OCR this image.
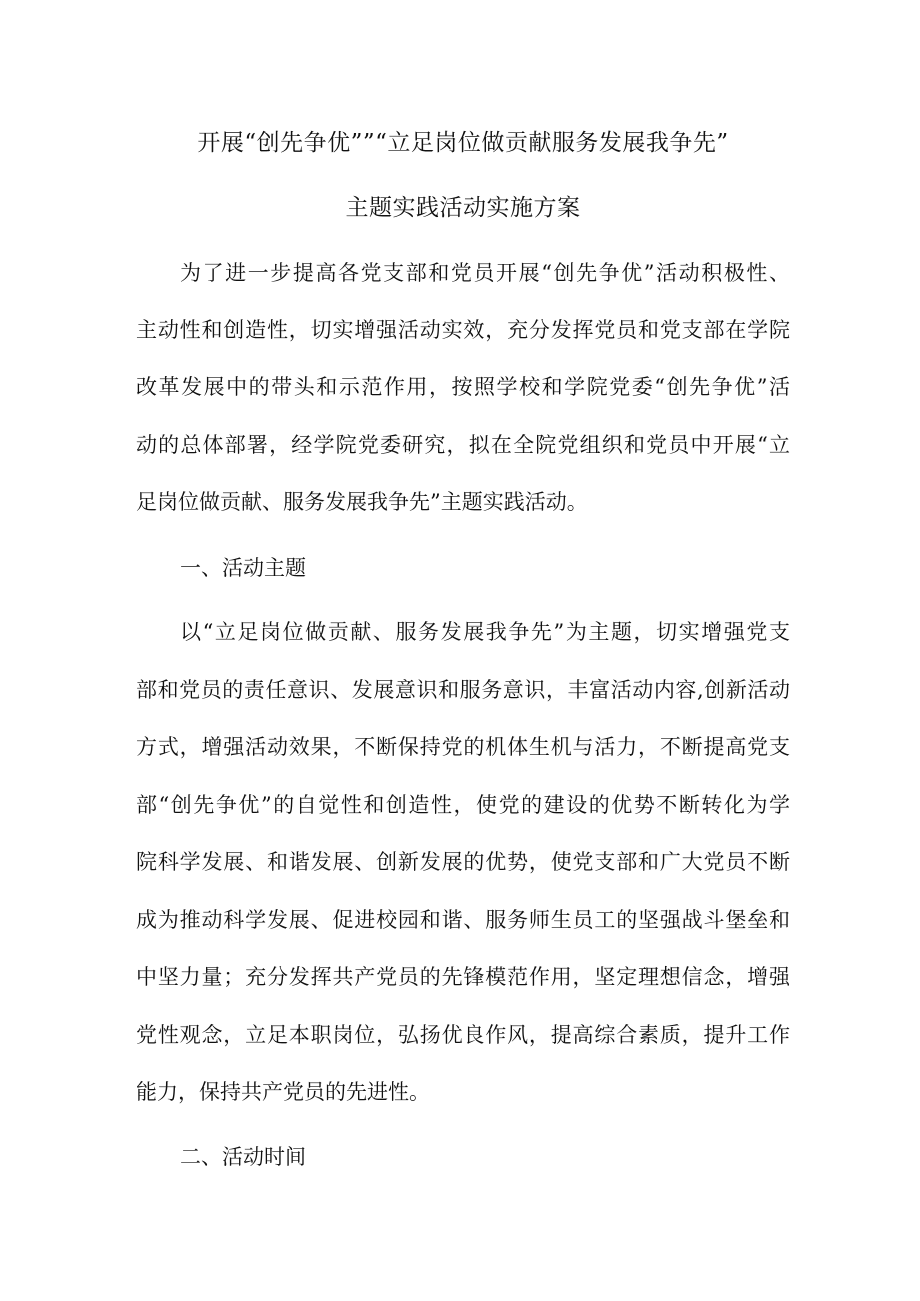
开展“创先争优””“立足岗位做贡献服务发展我争先”
主题实践活动实施方案
为了进一步提高各党支部和党员开展“创先争优”活动积极性、
主动性和创造性，切实增强活动实效，充分发挥党员和党支部在学院
改革发展中的带头和示范作用，按照学校和学院党委“创先争优”活
动的总体部署，经学院党委研究，拟在全院党组织和党员中开展“立
足岗位做贡献、服务发展我争先”主题实践活动。
一、活动主题
以“立足岗位做贡献、服务发展我争先”为主题，切实增强党支
部和党员的责任意识、发展意识和服务意识，丰富活动内容,创新活动
方式，增强活动效果，不断保持党的机体生机与活力，不断提高党支
部“创先争优”的自觉性和创造性，使党的建设的优势不断转化为学
院科学发展、和谐发展、创新发展的优势，使党支部和广大党员不断
成为推动科学发展、促进校园和谐、服务师生员工的坚强战斗堡垒和
中坚力量；充分发挥共产党员的先锋模范作用，坚定理想信念，增强
党性观念，立足本职岗位，弘扬优良作风，提高综合素质，提升工作
能力，保持共产党员的先进性。
二、活动时间
